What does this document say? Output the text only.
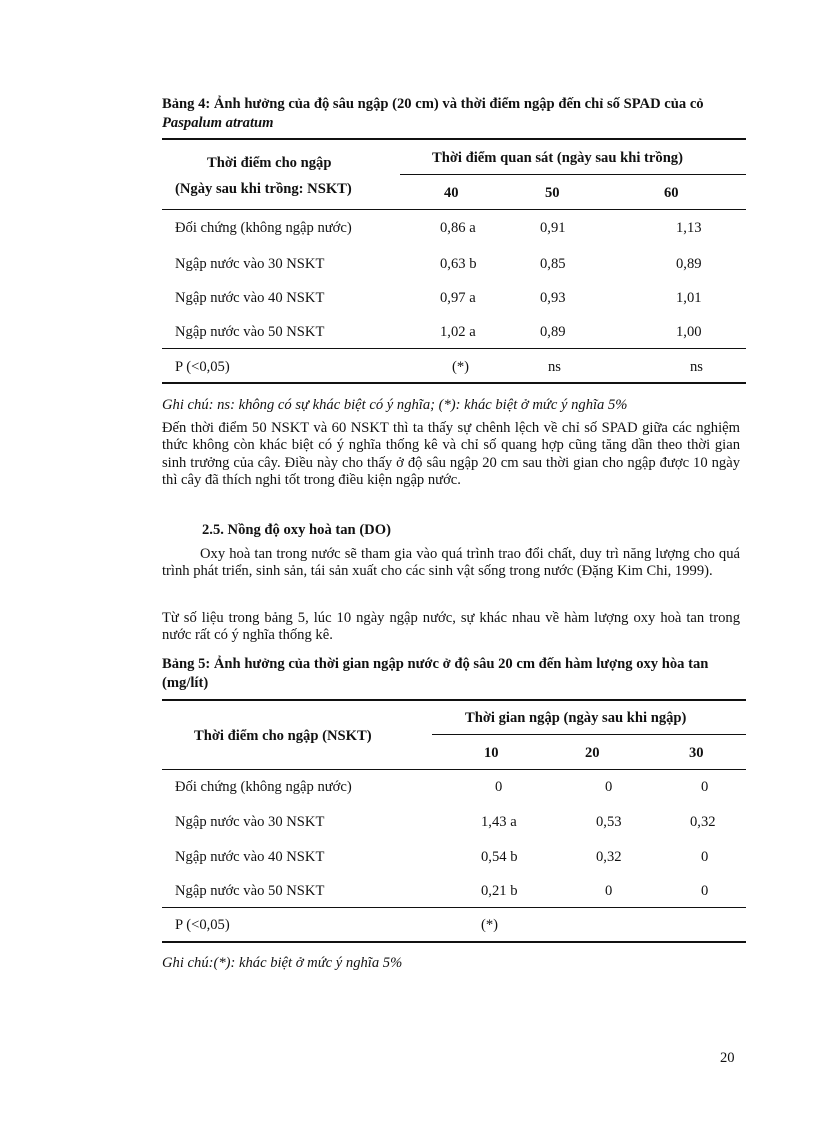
Bảng 4: Ảnh hưởng của độ sâu ngập (20 cm) và thời điểm ngập đến chỉ số SPAD của cỏ Paspalum atratum
Thời điểm cho ngập
(Ngày sau khi trồng: NSKT)
Thời điểm quan sát (ngày sau khi trồng)
40	50	60
Đối chứng (không ngập nước)	0,86 a	0,91	1,13
Ngập nước vào 30 NSKT	0,63 b	0,85	0,89
Ngập nước vào 40 NSKT	0,97 a	0,93	1,01
Ngập nước vào 50 NSKT	1,02 a	0,89	1,00
P (<0,05)	(*)	ns	ns
Ghi chú: ns: không có sự khác biệt có ý nghĩa; (*): khác biệt ở mức ý nghĩa 5%
Đến thời điểm 50 NSKT và 60 NSKT thì ta thấy sự chênh lệch về chỉ số SPAD giữa các nghiệm thức không còn khác biệt có ý nghĩa thống kê và chỉ số quang hợp cũng tăng dần theo thời gian sinh trưởng của cây. Điều này cho thấy ở độ sâu ngập 20 cm sau thời gian cho ngập được 10 ngày thì cây đã thích nghi tốt trong điều kiện ngập nước.
2.5. Nồng độ oxy hoà tan (DO)
Oxy hoà tan trong nước sẽ tham gia vào quá trình trao đổi chất, duy trì năng lượng cho quá trình phát triển, sinh sản, tái sản xuất cho các sinh vật sống trong nước (Đặng Kim Chi, 1999).
Từ số liệu trong bảng 5, lúc 10 ngày ngập nước, sự khác nhau về hàm lượng oxy hoà tan trong nước rất có ý nghĩa thống kê.
Bảng 5: Ảnh hưởng của thời gian ngập nước ở độ sâu 20 cm đến hàm lượng oxy hòa tan (mg/lít)
Thời điểm cho ngập (NSKT)
Thời gian ngập (ngày sau khi ngập)
10	20	30
Đối chứng (không ngập nước)	0	0	0
Ngập nước vào 30 NSKT	1,43 a	0,53	0,32
Ngập nước vào 40 NSKT	0,54 b	0,32	0
Ngập nước vào 50 NSKT	0,21 b	0	0
P (<0,05)	(*)
Ghi chú:(*): khác biệt ở mức ý nghĩa 5%
20
